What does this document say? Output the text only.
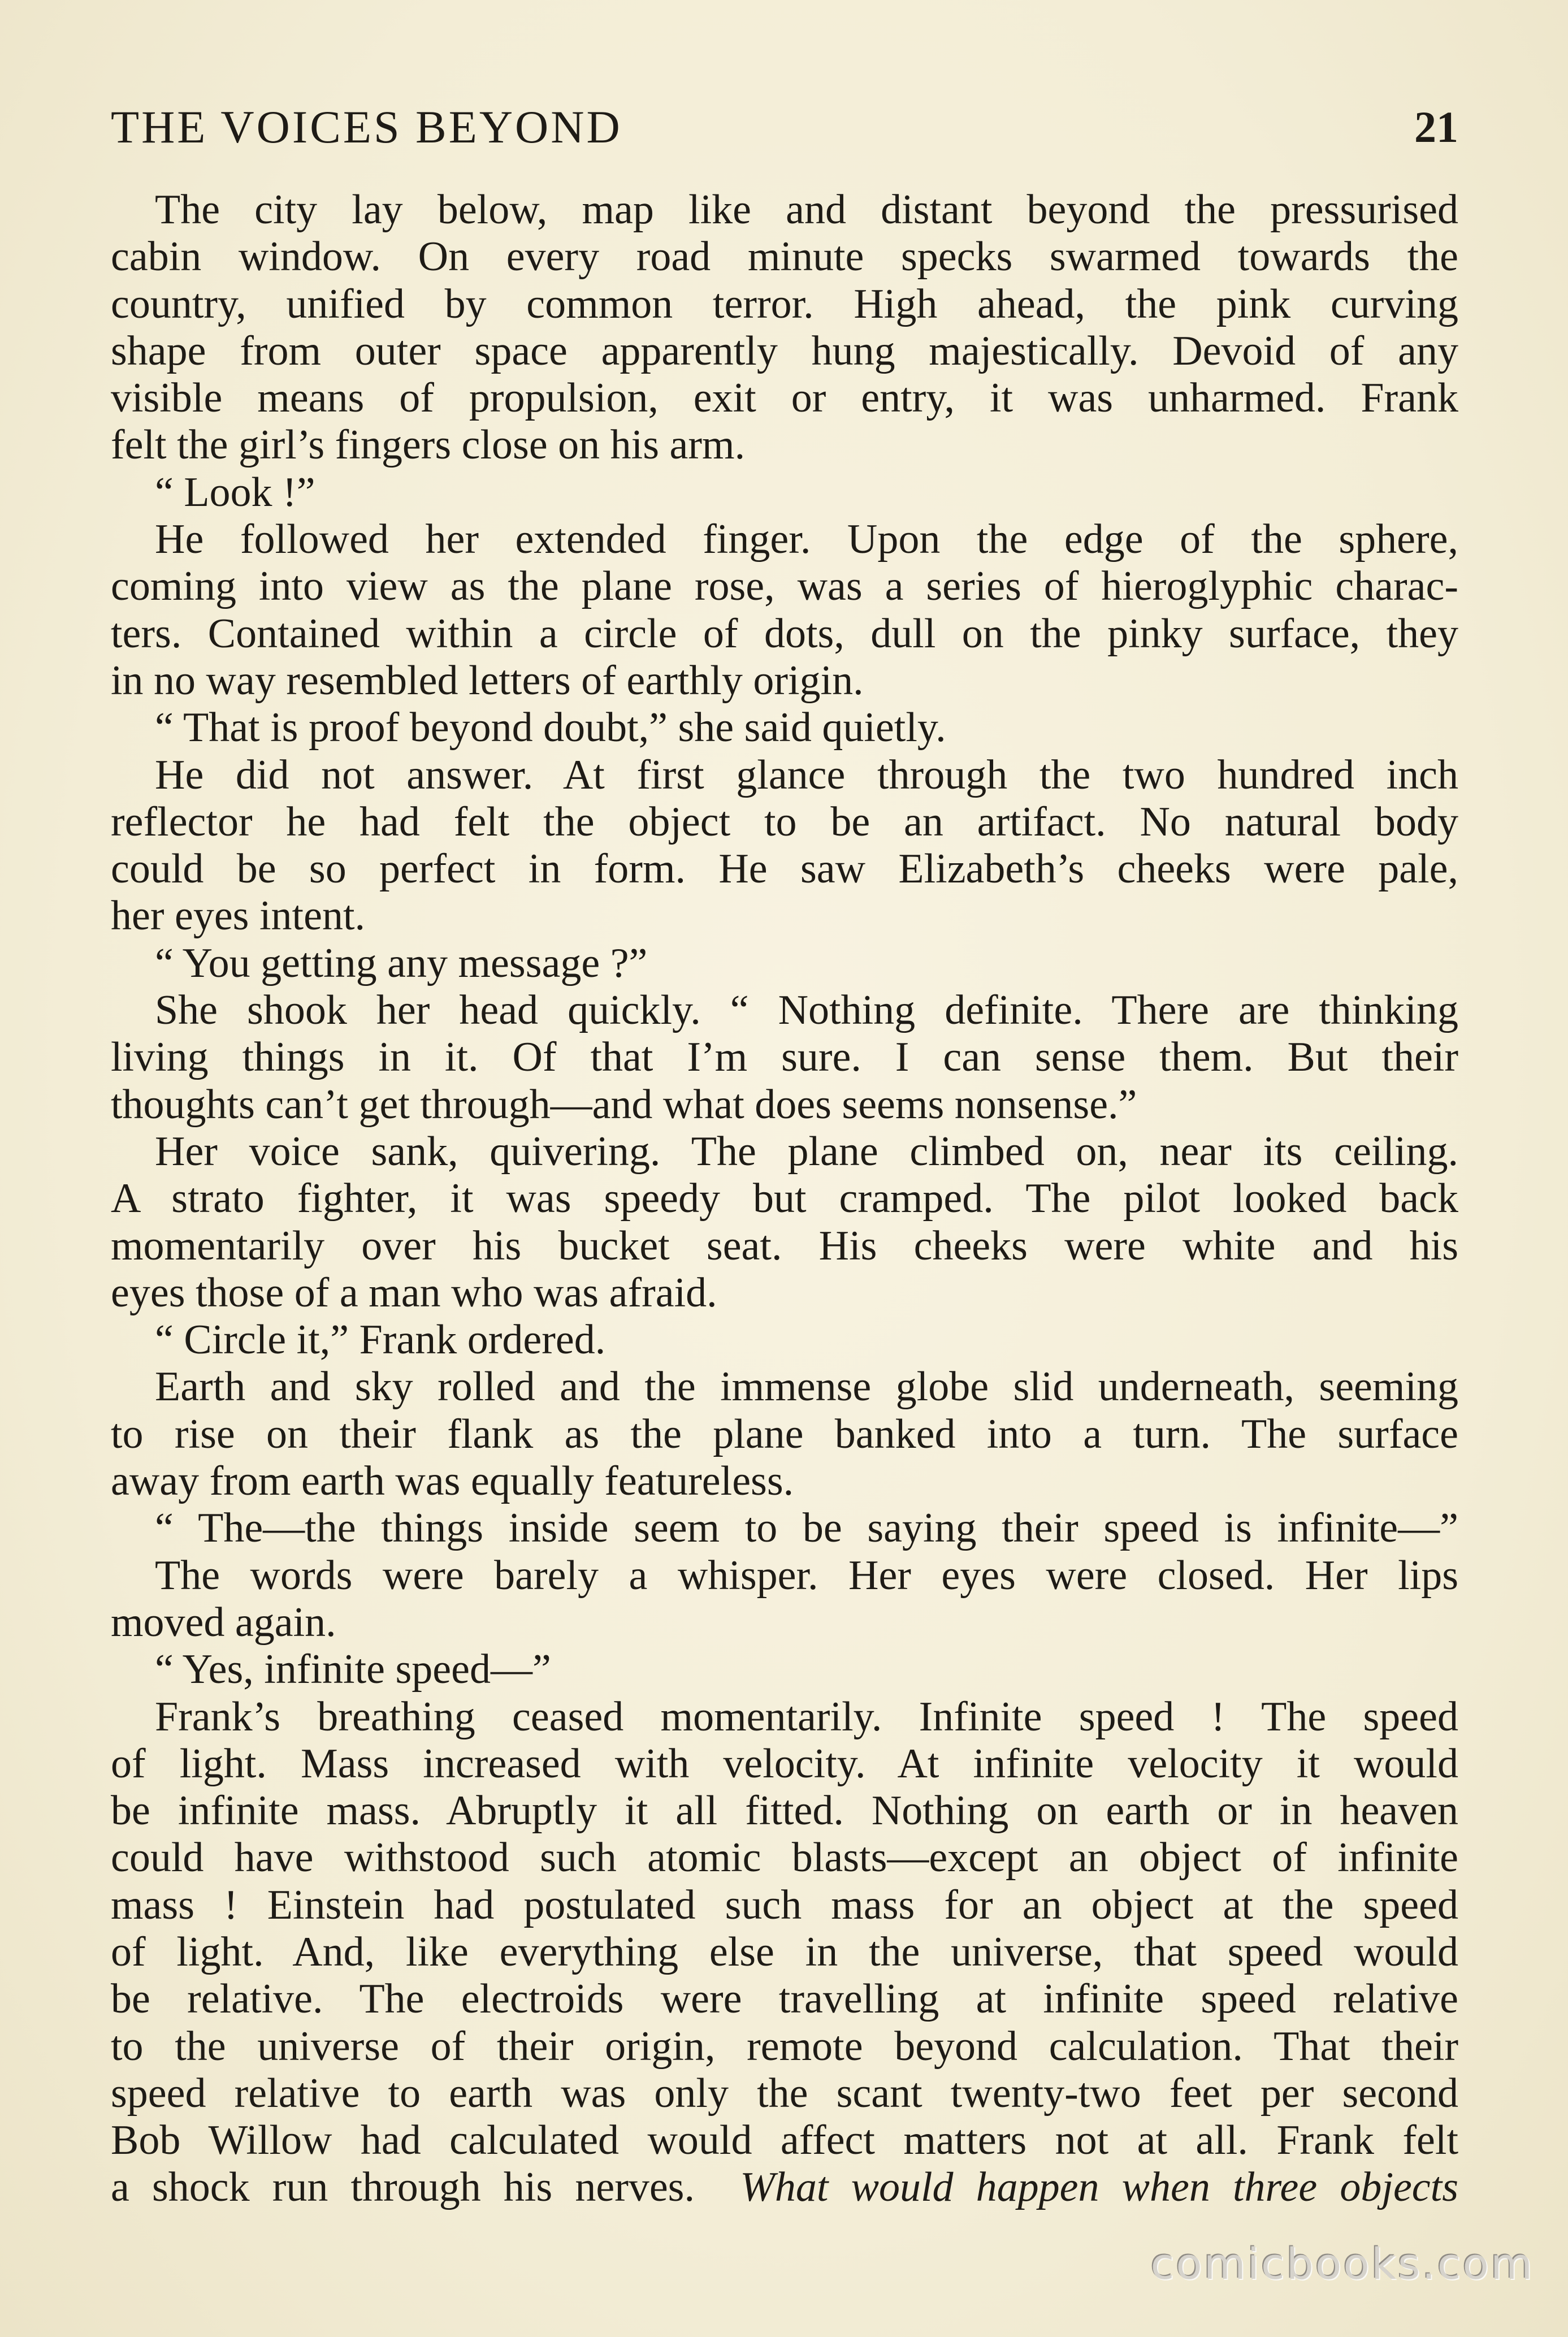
THE VOICES BEYOND	21
The city lay below, map like and distant beyond the pressurised
cabin window. On every road minute specks swarmed towards the
country, unified by common terror. High ahead, the pink curving
shape from outer space apparently hung majestically. Devoid of any
visible means of propulsion, exit or entry, it was unharmed. Frank
felt the girl’s fingers close on his arm.
“ Look !”
He followed her extended finger. Upon the edge of the sphere,
coming into view as the plane rose, was a series of hieroglyphic charac-
ters. Contained within a circle of dots, dull on the pinky surface, they
in no way resembled letters of earthly origin.
“ That is proof beyond doubt,” she said quietly.
He did not answer. At first glance through the two hundred inch
reflector he had felt the object to be an artifact. No natural body
could be so perfect in form. He saw Elizabeth’s cheeks were pale,
her eyes intent.
“ You getting any message ?”
She shook her head quickly. “ Nothing definite. There are thinking
living things in it. Of that I’m sure. I can sense them. But their
thoughts can’t get through—and what does seems nonsense.”
Her voice sank, quivering. The plane climbed on, near its ceiling.
A strato fighter, it was speedy but cramped. The pilot looked back
momentarily over his bucket seat. His cheeks were white and his
eyes those of a man who was afraid.
“ Circle it,” Frank ordered.
Earth and sky rolled and the immense globe slid underneath, seeming
to rise on their flank as the plane banked into a turn. The surface
away from earth was equally featureless.
“ The—the things inside seem to be saying their speed is infinite—”
The words were barely a whisper. Her eyes were closed. Her lips
moved again.
“ Yes, infinite speed—”
Frank’s breathing ceased momentarily. Infinite speed ! The speed
of light. Mass increased with velocity. At infinite velocity it would
be infinite mass. Abruptly it all fitted. Nothing on earth or in heaven
could have withstood such atomic blasts—except an object of infinite
mass ! Einstein had postulated such mass for an object at the speed
of light. And, like everything else in the universe, that speed would
be relative. The electroids were travelling at infinite speed relative
to the universe of their origin, remote beyond calculation. That their
speed relative to earth was only the scant twenty-two feet per second
Bob Willow had calculated would affect matters not at all. Frank felt
a shock run through his nerves. What would happen when three objects
comicbooks.com
